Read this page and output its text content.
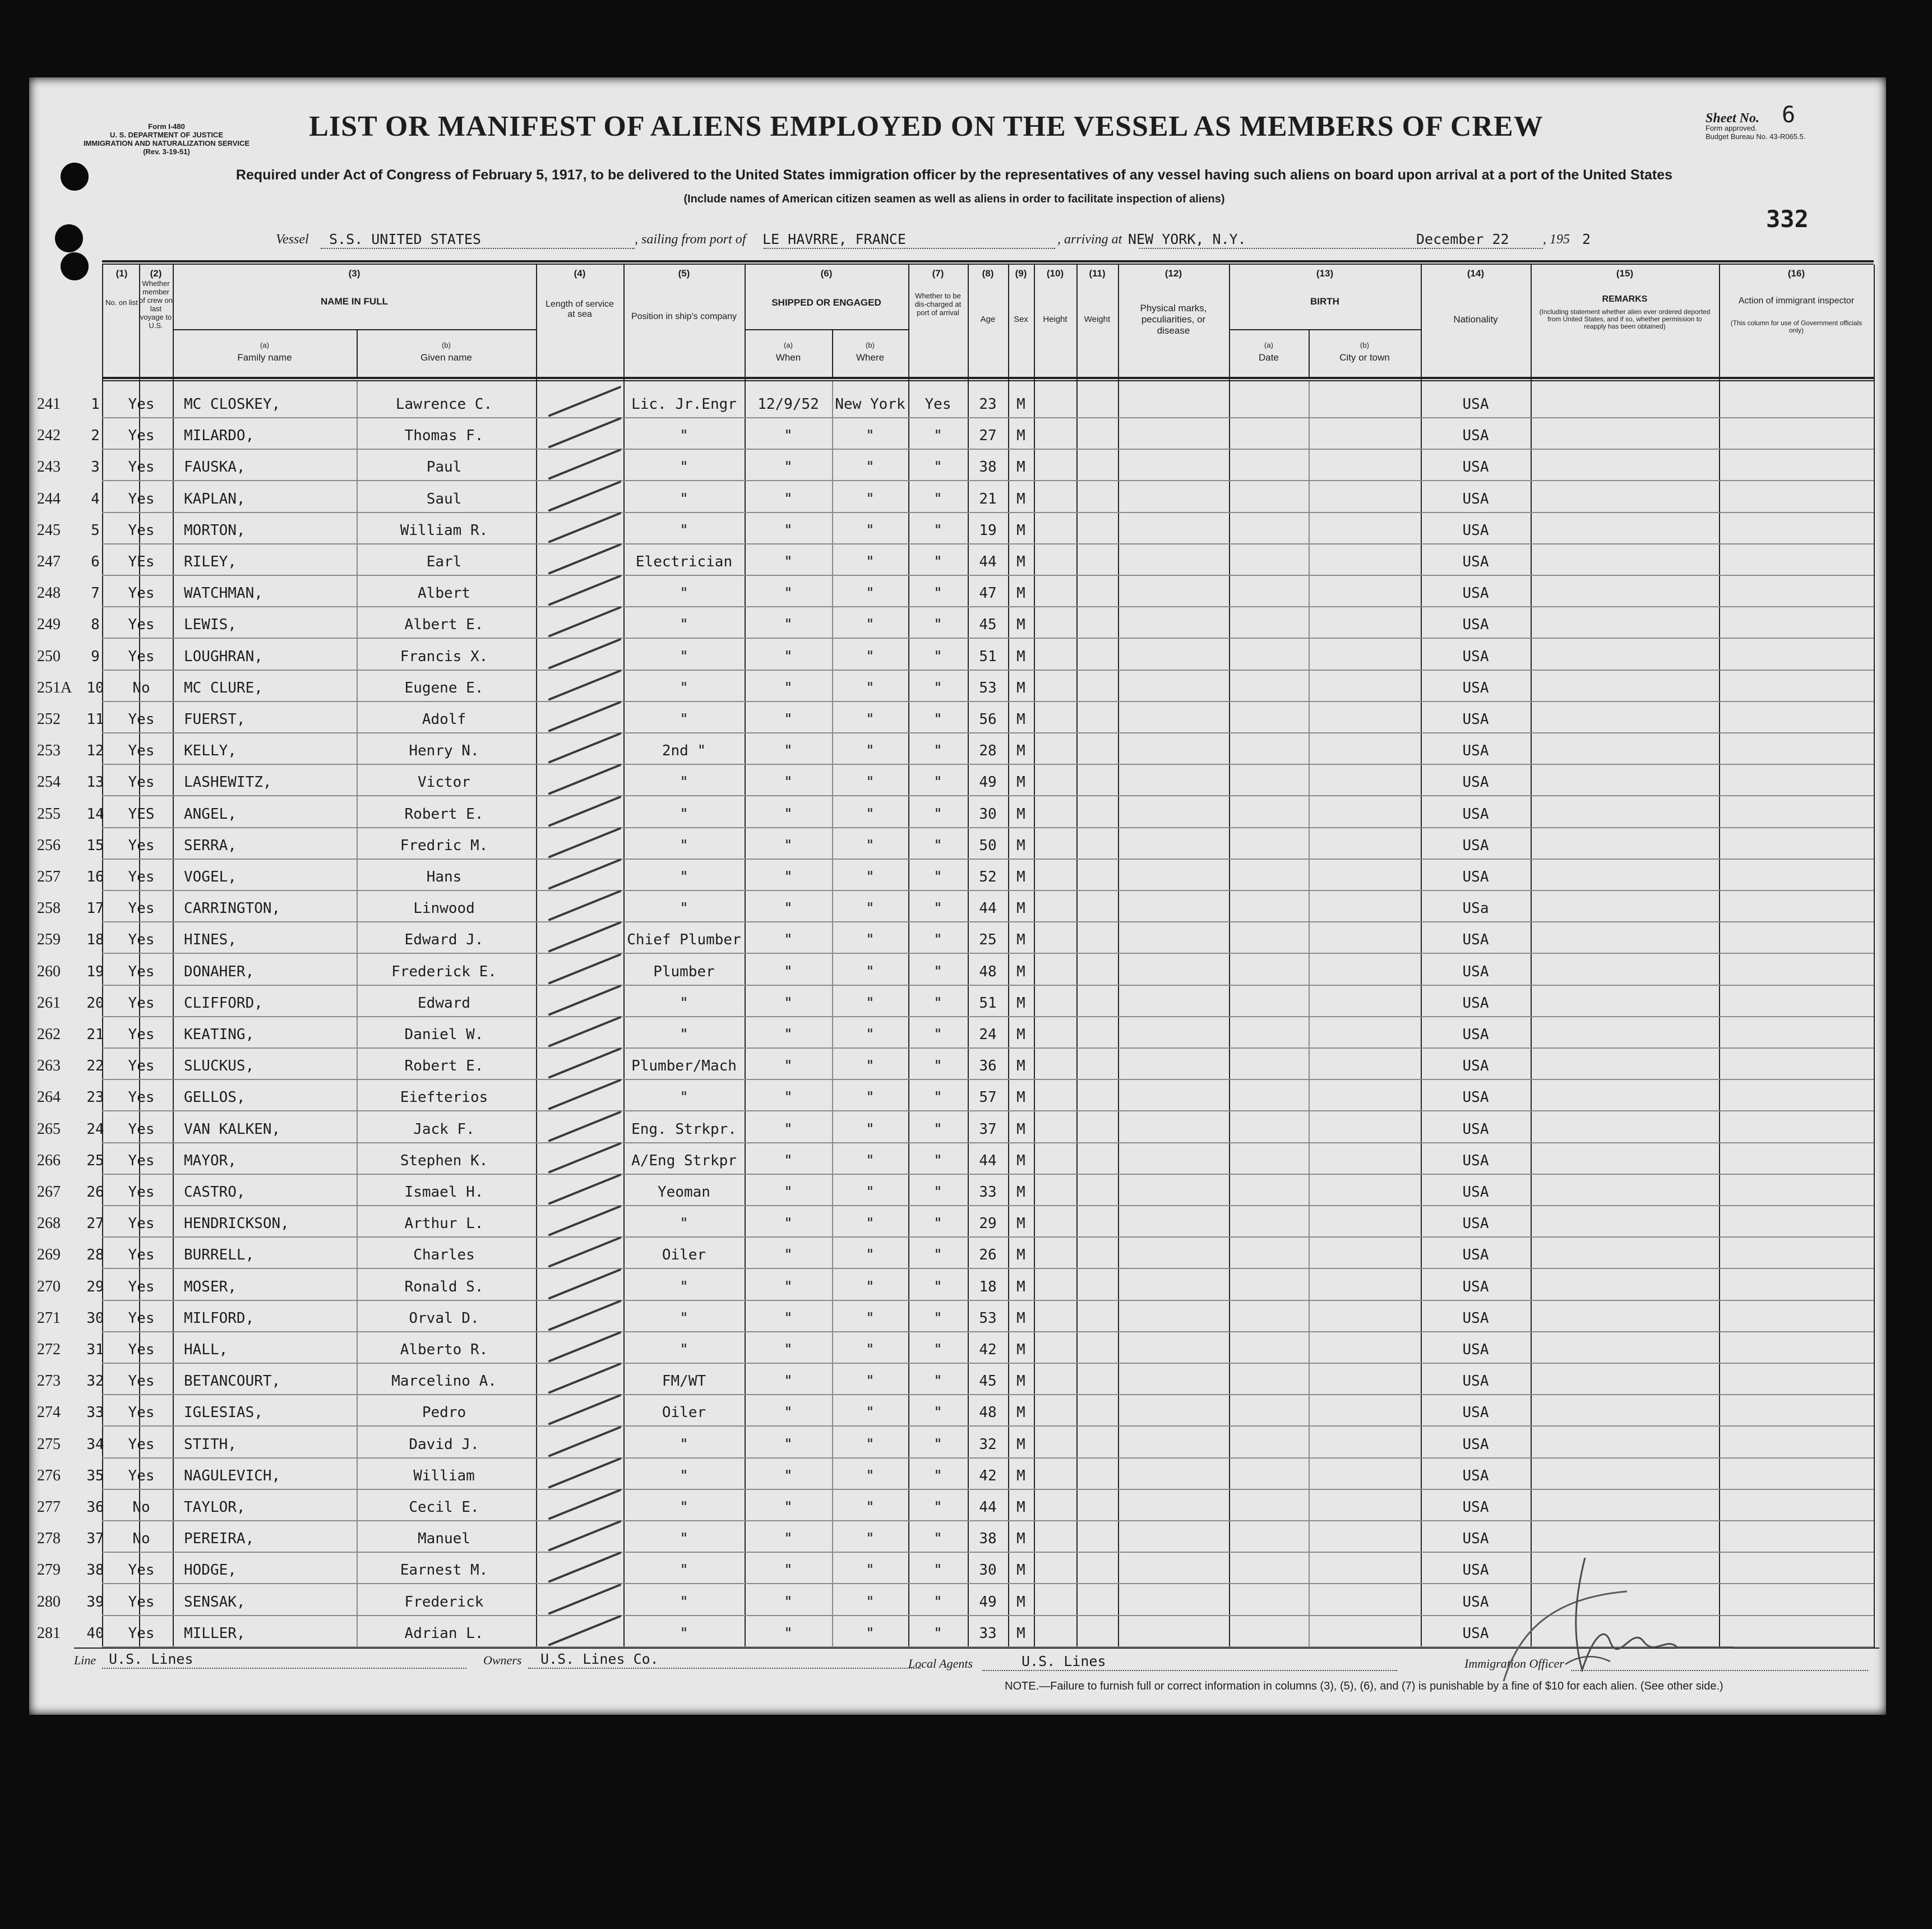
Form I-480
U. S. DEPARTMENT OF JUSTICE
IMMIGRATION AND NATURALIZATION SERVICE
(Rev. 3-19-51)
LIST OR MANIFEST OF ALIENS EMPLOYED ON THE VESSEL AS MEMBERS OF CREW
Required under Act of Congress of February 5, 1917, to be delivered to the United States immigration officer by the representatives of any vessel having such aliens on board upon arrival at a port of the United States
(Include names of American citizen seamen as well as aliens in order to facilitate inspection of aliens)
Sheet No. 6
Form approved.
Budget Bureau No. 43-R065.5.
332
Vessel S.S. UNITED STATES	, sailing from port of LE HAVRRE, FRANCE	, arriving at NEW YORK, N.Y.	December 22	, 195 2
(1)
No. on list
(2)
Whether member of crew on last voyage to U.S.
(3)
NAME IN FULL
(a)
Family name
(b)
Given name
(4)
Length of service at sea
(5)
Position in ship's company
(6)
SHIPPED OR ENGAGED
(a)
When
(b)
Where
(7)
Whether to be dis-charged at port of arrival
(8)
Age
(9)
Sex
(10)
Height
(11)
Weight
(12)
Physical marks, peculiarities, or disease
(13)
BIRTH
(a)
Date
(b)
City or town
(14)
Nationality
(15)
REMARKS
(Including statement whether alien ever ordered deported from United States, and if so, whether permission to reapply has been obtained)
(16)
Action of immigrant inspector
(This column for use of Government officials only)
241	1	Yes	MC CLOSKEY,	Lawrence C.	Lic. Jr.Engr	12/9/52	New York	Yes	23	M	USA
242	2	Yes	MILARDO,	Thomas F.	"	"	"	"	27	M	USA
243	3	Yes	FAUSKA,	Paul	"	"	"	"	38	M	USA
244	4	Yes	KAPLAN,	Saul	"	"	"	"	21	M	USA
245	5	Yes	MORTON,	William R.	"	"	"	"	19	M	USA
247	6	YEs	RILEY,	Earl	Electrician	"	"	"	44	M	USA
248	7	Yes	WATCHMAN,	Albert	"	"	"	"	47	M	USA
249	8	Yes	LEWIS,	Albert E.	"	"	"	"	45	M	USA
250	9	Yes	LOUGHRAN,	Francis X.	"	"	"	"	51	M	USA
251A	10	No	MC CLURE,	Eugene E.	"	"	"	"	53	M	USA
252	11	Yes	FUERST,	Adolf	"	"	"	"	56	M	USA
253	12	Yes	KELLY,	Henry N.	2nd "	"	"	"	28	M	USA
254	13	Yes	LASHEWITZ,	Victor	"	"	"	"	49	M	USA
255	14	YES	ANGEL,	Robert E.	"	"	"	"	30	M	USA
256	15	Yes	SERRA,	Fredric M.	"	"	"	"	50	M	USA
257	16	Yes	VOGEL,	Hans	"	"	"	"	52	M	USA
258	17	Yes	CARRINGTON,	Linwood	"	"	"	"	44	M	USa
259	18	Yes	HINES,	Edward J.	Chief Plumber	"	"	"	25	M	USA
260	19	Yes	DONAHER,	Frederick E.	Plumber	"	"	"	48	M	USA
261	20	Yes	CLIFFORD,	Edward	"	"	"	"	51	M	USA
262	21	Yes	KEATING,	Daniel W.	"	"	"	"	24	M	USA
263	22	Yes	SLUCKUS,	Robert E.	Plumber/Mach	"	"	"	36	M	USA
264	23	Yes	GELLOS,	Eiefterios	"	"	"	"	57	M	USA
265	24	Yes	VAN KALKEN,	Jack F.	Eng. Strkpr.	"	"	"	37	M	USA
266	25	Yes	MAYOR,	Stephen K.	A/Eng Strkpr	"	"	"	44	M	USA
267	26	Yes	CASTRO,	Ismael H.	Yeoman	"	"	"	33	M	USA
268	27	Yes	HENDRICKSON,	Arthur L.	"	"	"	"	29	M	USA
269	28	Yes	BURRELL,	Charles	Oiler	"	"	"	26	M	USA
270	29	Yes	MOSER,	Ronald S.	"	"	"	"	18	M	USA
271	30	Yes	MILFORD,	Orval D.	"	"	"	"	53	M	USA
272	31	Yes	HALL,	Alberto R.	"	"	"	"	42	M	USA
273	32	Yes	BETANCOURT,	Marcelino A.	FM/WT	"	"	"	45	M	USA
274	33	Yes	IGLESIAS,	Pedro	Oiler	"	"	"	48	M	USA
275	34	Yes	STITH,	David J.	"	"	"	"	32	M	USA
276	35	Yes	NAGULEVICH,	William	"	"	"	"	42	M	USA
277	36	No	TAYLOR,	Cecil E.	"	"	"	"	44	M	USA
278	37	No	PEREIRA,	Manuel	"	"	"	"	38	M	USA
279	38	Yes	HODGE,	Earnest M.	"	"	"	"	30	M	USA
280	39	Yes	SENSAK,	Frederick	"	"	"	"	49	M	USA
281	40	Yes	MILLER,	Adrian L.	"	"	"	"	33	M	USA
Line U.S. Lines	Owners U.S. Lines Co.	Local Agents	U.S. Lines	Immigration Officer
NOTE.—Failure to furnish full or correct information in columns (3), (5), (6), and (7) is punishable by a fine of $10 for each alien. (See other side.)
